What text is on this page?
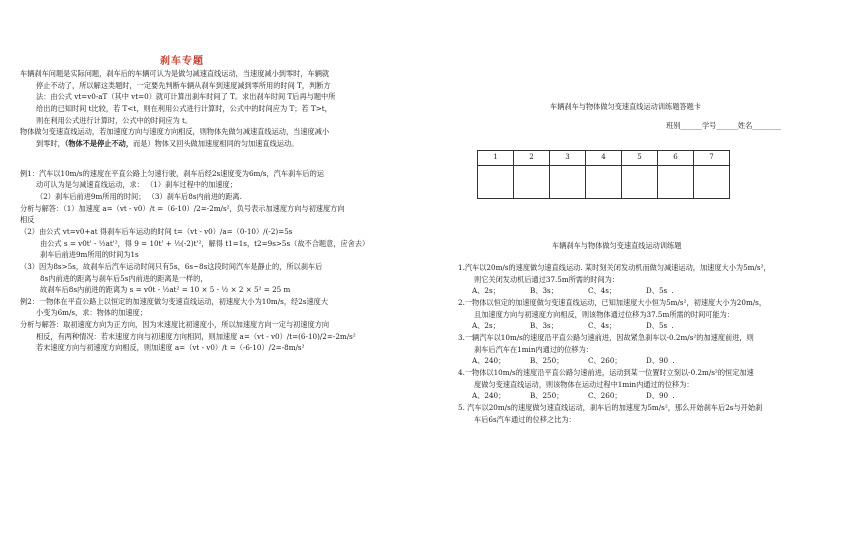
刹车专题

车辆刹车问题是实际问题，刹车后的车辆可认为是做匀减速直线运动，当速度减小到零时，车辆就

停止不动了，所以解这类题时，一定要先判断车辆从刹车到速度减到零所用的时间 T，判断方

法：由公式 vt=v0-aT（其中 vt=0）就可计算出刹车时间了 T。求出刹车时间 T后再与题中所

给出的已知时间 t比较，若 T<t，则在利用公式进行计算时，公式中的时间应为 T；若 T>t，

则在利用公式进行计算时，公式中的时间应为 t。

物体做匀变速直线运动，若加速度方向与速度方向相反，则物体先做匀减速直线运动，当速度减小

到零时，（物体不是停止不动，而是）物体又回头做加速度相同的匀加速直线运动。

例1：汽车以10m/s的速度在平直公路上匀速行驶，刹车后经2s速度变为6m/s，汽车刹车后的运

动可认为是匀减速直线运动，求： （1）刹车过程中的加速度；

（2）刹车后前进9m所用的时间； （3）刹车后8s内前进的距离.

分析与解答：（1）加速度 a=（vt - v0）/t =（6-10）/2=-2m/s²，负号表示加速度方向与初速度方向

相反

（2）由公式 vt=v0+at 得刹车后车运动的时间 t=（vt - v0）/a=（0-10）/(-2)=5s

由公式 s = v0t' - ½at'²，得 9 = 10t' + ½(-2)t'²，解得 t1=1s，t2=9s>5s（故不合题意，应舍去）

刹车后前进9m所用的时间为1s

（3）因为8s>5s，故刹车后汽车运动时间只有5s，6s~8s这段时间汽车是静止的，所以刹车后

8s内前进的距离与刹车后5s内前进的距离是一样的，

故刹车后8s内前进的距离为 s = v0t - ½at² = 10 × 5 - ½ × 2 × 5² = 25 m

例2：一物体在平直公路上以恒定的加速度做匀变速直线运动，初速度大小为10m/s，经2s速度大

小变为6m/s，求：物体的加速度；

分析与解答：取初速度方向为正方向，因为末速度比初速度小，所以加速度方向一定与初速度方向

相反，有两种情况：若末速度方向与初速度方向相同，则加速度 a=（vt - v0）/t=(6-10)/2=-2m/s²

若末速度方向与初速度方向相反，则加速度 a=（vt - v0）/t =（-6-10）/2=-8m/s²

车辆刹车与物体做匀变速直线运动训练题答题卡
班别______学号______姓名________
1	2	3	4	5	6	7

车辆刹车与物体做匀变速直线运动训练题

1.汽车以20m/s的速度做匀速直线运动. 某时刻关闭发动机而做匀减速运动，加速度大小为5m/s²，

则它关闭发动机后通过37.5m所需的时间为：

A、2s；	B、3s；	C、4s；	D、5s .

2.一物体以恒定的加速度做匀变速直线运动，已知加速度大小恒为5m/s²，初速度大小为20m/s，

且加速度方向与初速度方向相反，则该物体通过位移为37.5m所需的时间可能为：

A、2s；	B、3s；	C、4s；	D、5s .

3.一辆汽车以10m/s的速度沿平直公路匀速前进，因故紧急刹车以-0.2m/s²的加速度前进，则

刹车后汽车在1min内通过的位移为：

A、240；	B、250；	C、260；	D、90 .

4.一物体以10m/s的速度沿平直公路匀速前进，运动到某一位置时立刻以-0.2m/s²的恒定加速

度做匀变速直线运动，则该物体在运动过程中1min内通过的位移为：

A、240；	B、250；	C、260；	D、90 .

5. 汽车以20m/s的速度做匀速直线运动，刹车后的加速度为5m/s²，那么开始刹车后2s与开始刹

车后6s汽车通过的位移之比为：
